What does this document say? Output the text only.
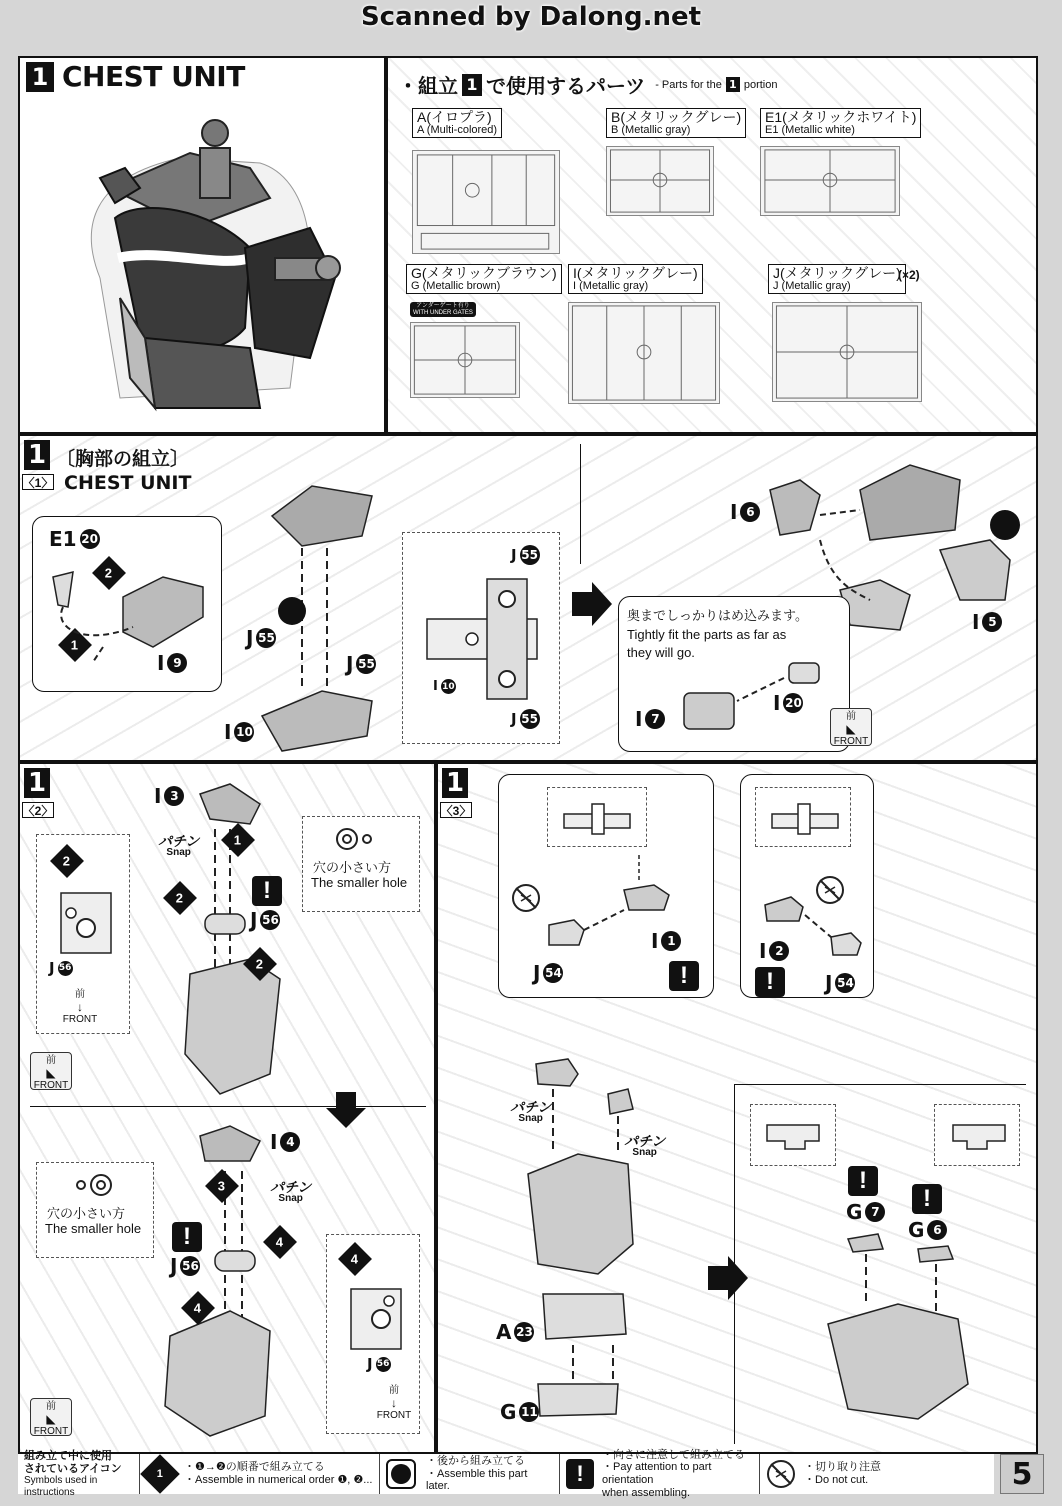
Scanned by Dalong.net
1 CHEST UNIT	・組立 1 で使用するパーツ - Parts for the 1 portion
A(イロプラ)
A (Multi-colored)
B(メタリックグレー)
B (Metallic gray)
E1(メタリックホワイト)
E1 (Metallic white)
G(メタリックブラウン)
G (Metallic brown)
アンダーゲート有り
WITH UNDER GATES
I(メタリックグレー)
I (Metallic gray)
J(メタリックグレー)
J (Metallic gray)
(×2)
1
〈1〉
〔胸部の組立〕
CHEST UNIT
E1 20
2
1
I 9
J 55
J 55
I 10
J 55
I 10
J 55
I 6
I 5
奥までしっかりはめ込みます。
Tightly fit the parts as far as
they will go.
I 7
I 20
前
◣
FRONT
1
〈2〉
2
J 56
前
↓
FRONT
I 3
パチン
Snap
1
2
2
!
J 56
穴の小さい方
The smaller hole
前
◣
FRONT
I 4
3	パチン
Snap
4
4
!
J 56
穴の小さい方
The smaller hole
4
J 56
前
↓
FRONT
前
◣
FRONT
1
〈3〉
I 1
J 54	!
I 2
!	J 54
パチン
Snap
パチン
Snap
A 23
G 11
!
G 7	!
G 6
組み立て中に使用
されているアイコン
Symbols used in instructions
1
・❶→❷の順番で組み立てる
・Assemble in numerical order ❶, ❷...
・後から組み立てる
・Assemble this part later.	!
・向きに注意して組み立てる
・Pay attention to part orientation
when assembling.
・切り取り注意
・Do not cut.	5
